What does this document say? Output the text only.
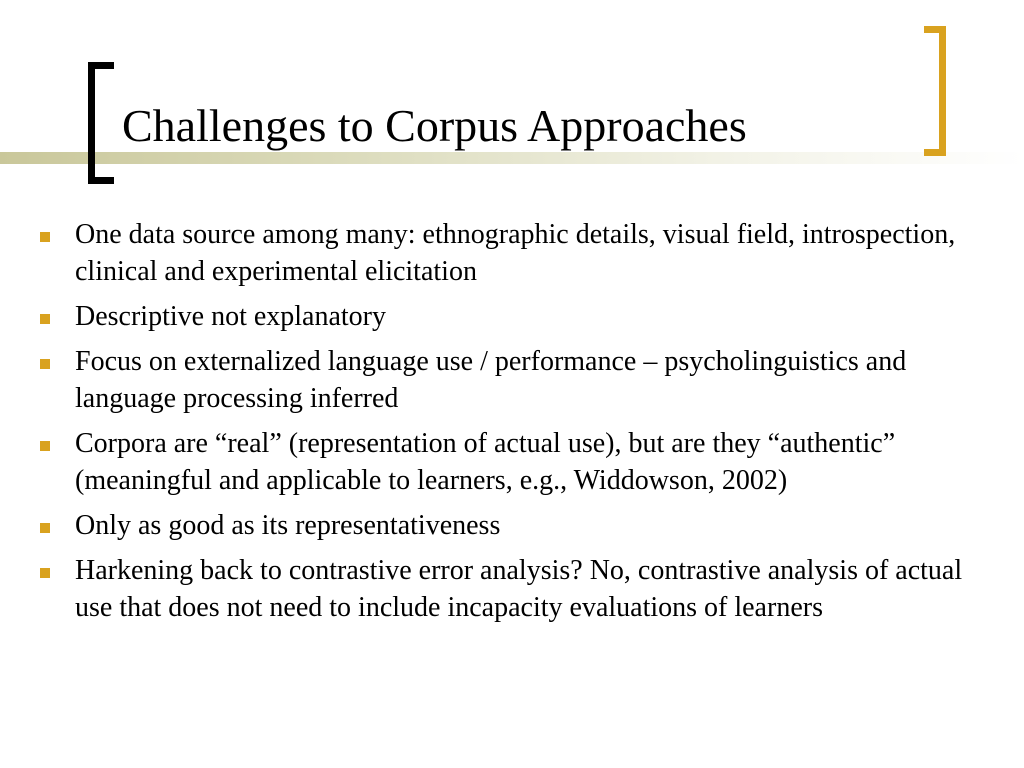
Challenges to Corpus Approaches
One data source among many: ethnographic details, visual field, introspection, clinical and experimental elicitation
Descriptive not explanatory
Focus on externalized language use / performance – psycholinguistics and language processing inferred
Corpora are “real” (representation of actual use), but are they “authentic” (meaningful and applicable to learners, e.g., Widdowson, 2002)
Only as good as its representativeness
Harkening back to contrastive error analysis? No, contrastive analysis of actual use that does not need to include incapacity evaluations of learners
